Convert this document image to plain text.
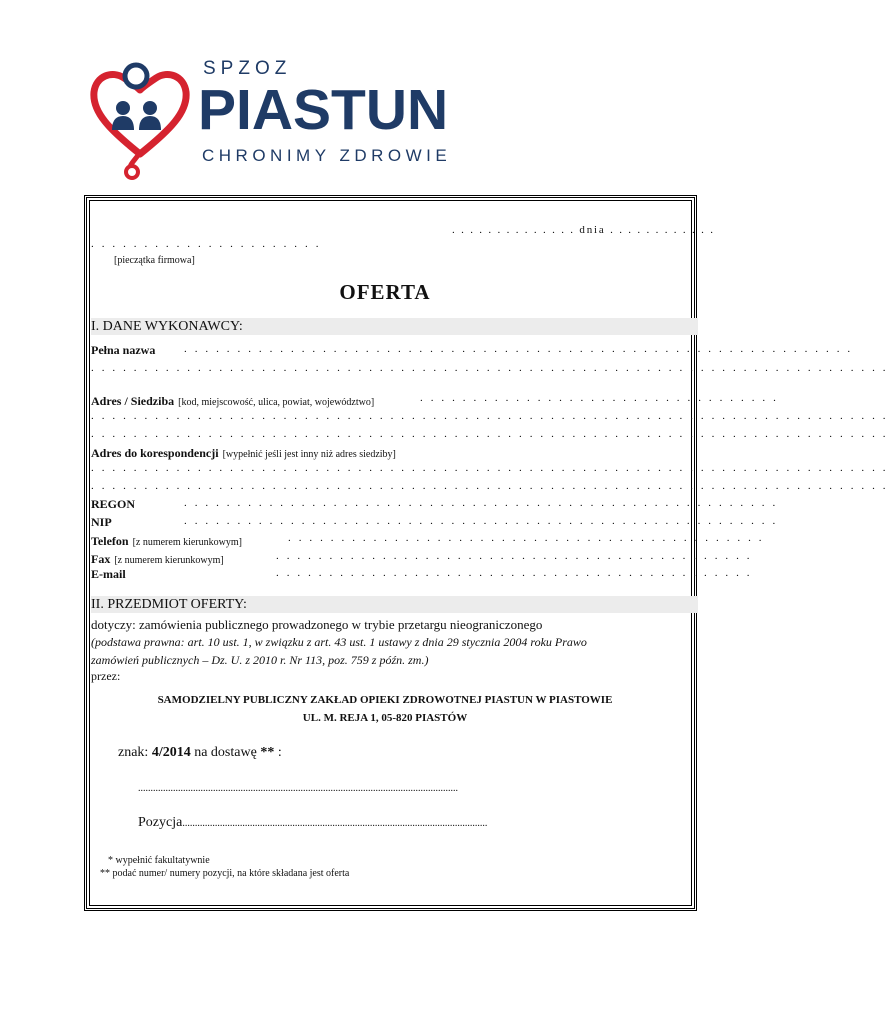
SPZOZ
PIASTUN
CHRONIMY ZDROWIE
. . . . . . . . . . . . . . dnia . . . . . . . . . . . .
. . . . . . . . . . . . . . . . . . . . . .
[pieczątka firmowa]
OFERTA
I. DANE WYKONAWCY:
Pełna nazwa	. . . . . . . . . . . . . . . . . . . . . . . . . . . . . . . . . . . . . . . . . . . . . . . . . . . . . . . . . . . . . . .
. . . . . . . . . . . . . . . . . . . . . . . . . . . . . . . . . . . . . . . . . . . . . . . . . . . . . . . . . . . . . . . . . . . . . . . . . . .
Adres / Siedziba [kod, miejscowość, ulica, powiat, województwo]	. . . . . . . . . . . . . . . . . . . . . . . . . . . . . . . . . .
. . . . . . . . . . . . . . . . . . . . . . . . . . . . . . . . . . . . . . . . . . . . . . . . . . . . . . . . . . . . . . . . . . . . . . . . . . .
. . . . . . . . . . . . . . . . . . . . . . . . . . . . . . . . . . . . . . . . . . . . . . . . . . . . . . . . . . . . . . . . . . . . . . . . . . .
Adres do korespondencji [wypełnić jeśli jest inny niż adres siedziby]
. . . . . . . . . . . . . . . . . . . . . . . . . . . . . . . . . . . . . . . . . . . . . . . . . . . . . . . . . . . . . . . . . . . . . . . . . . .
. . . . . . . . . . . . . . . . . . . . . . . . . . . . . . . . . . . . . . . . . . . . . . . . . . . . . . . . . . . . . . . . . . . . . . . . . . .
REGON	. . . . . . . . . . . . . . . . . . . . . . . . . . . . . . . . . . . . . . . . . . . . . . . . . . . . . . . .
NIP	. . . . . . . . . . . . . . . . . . . . . . . . . . . . . . . . . . . . . . . . . . . . . . . . . . . . . . . .
Telefon [z numerem kierunkowym]	. . . . . . . . . . . . . . . . . . . . . . . . . . . . . . . . . . . . . . . . . . . . .
Fax [z numerem kierunkowym]	. . . . . . . . . . . . . . . . . . . . . . . . . . . . . . . . . . . . . . . . . . . . .
E-mail	. . . . . . . . . . . . . . . . . . . . . . . . . . . . . . . . . . . . . . . . . . . . .
II. PRZEDMIOT OFERTY:
dotyczy: zamówienia publicznego prowadzonego w trybie przetargu nieograniczonego
(podstawa prawna: art. 10 ust. 1, w związku z art. 43 ust. 1 ustawy z dnia 29 stycznia 2004 roku Prawo
zamówień publicznych – Dz. U. z 2010 r. Nr 113, poz. 759 z późn. zm.)
przez:
SAMODZIELNY PUBLICZNY ZAKŁAD OPIEKI ZDROWOTNEJ PIASTUN W PIASTOWIE
UL. M. REJA 1, 05-820 PIASTÓW
znak: 4/2014 na dostawę ** :
................................................................................................................................
Pozycja..........................................................................................................................
* wypełnić fakultatywnie
** podać numer/ numery pozycji, na które składana jest oferta
